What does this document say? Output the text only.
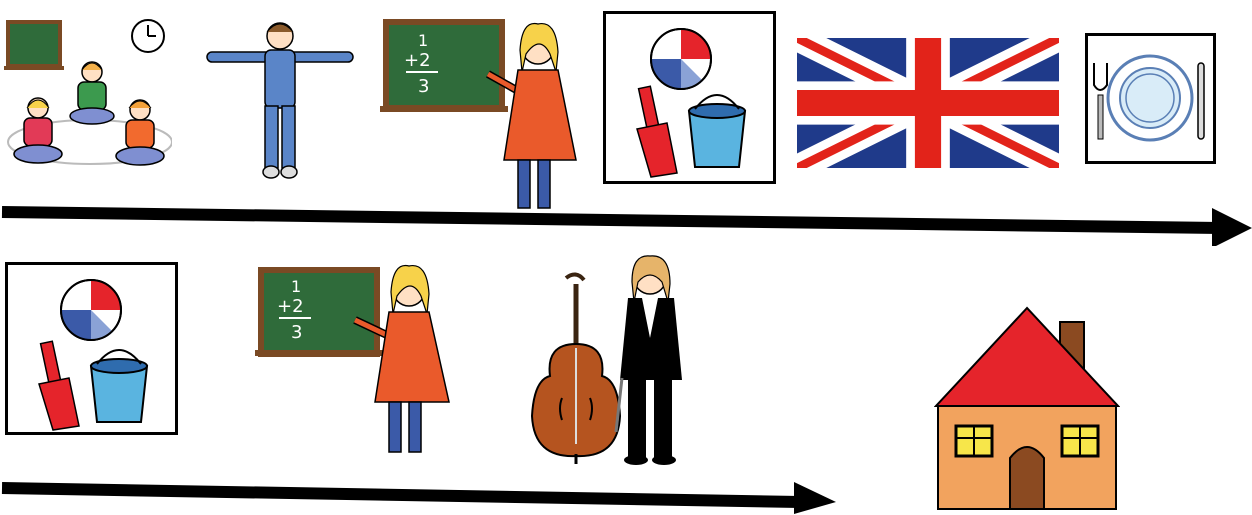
1
+2
3
1
+2
3
